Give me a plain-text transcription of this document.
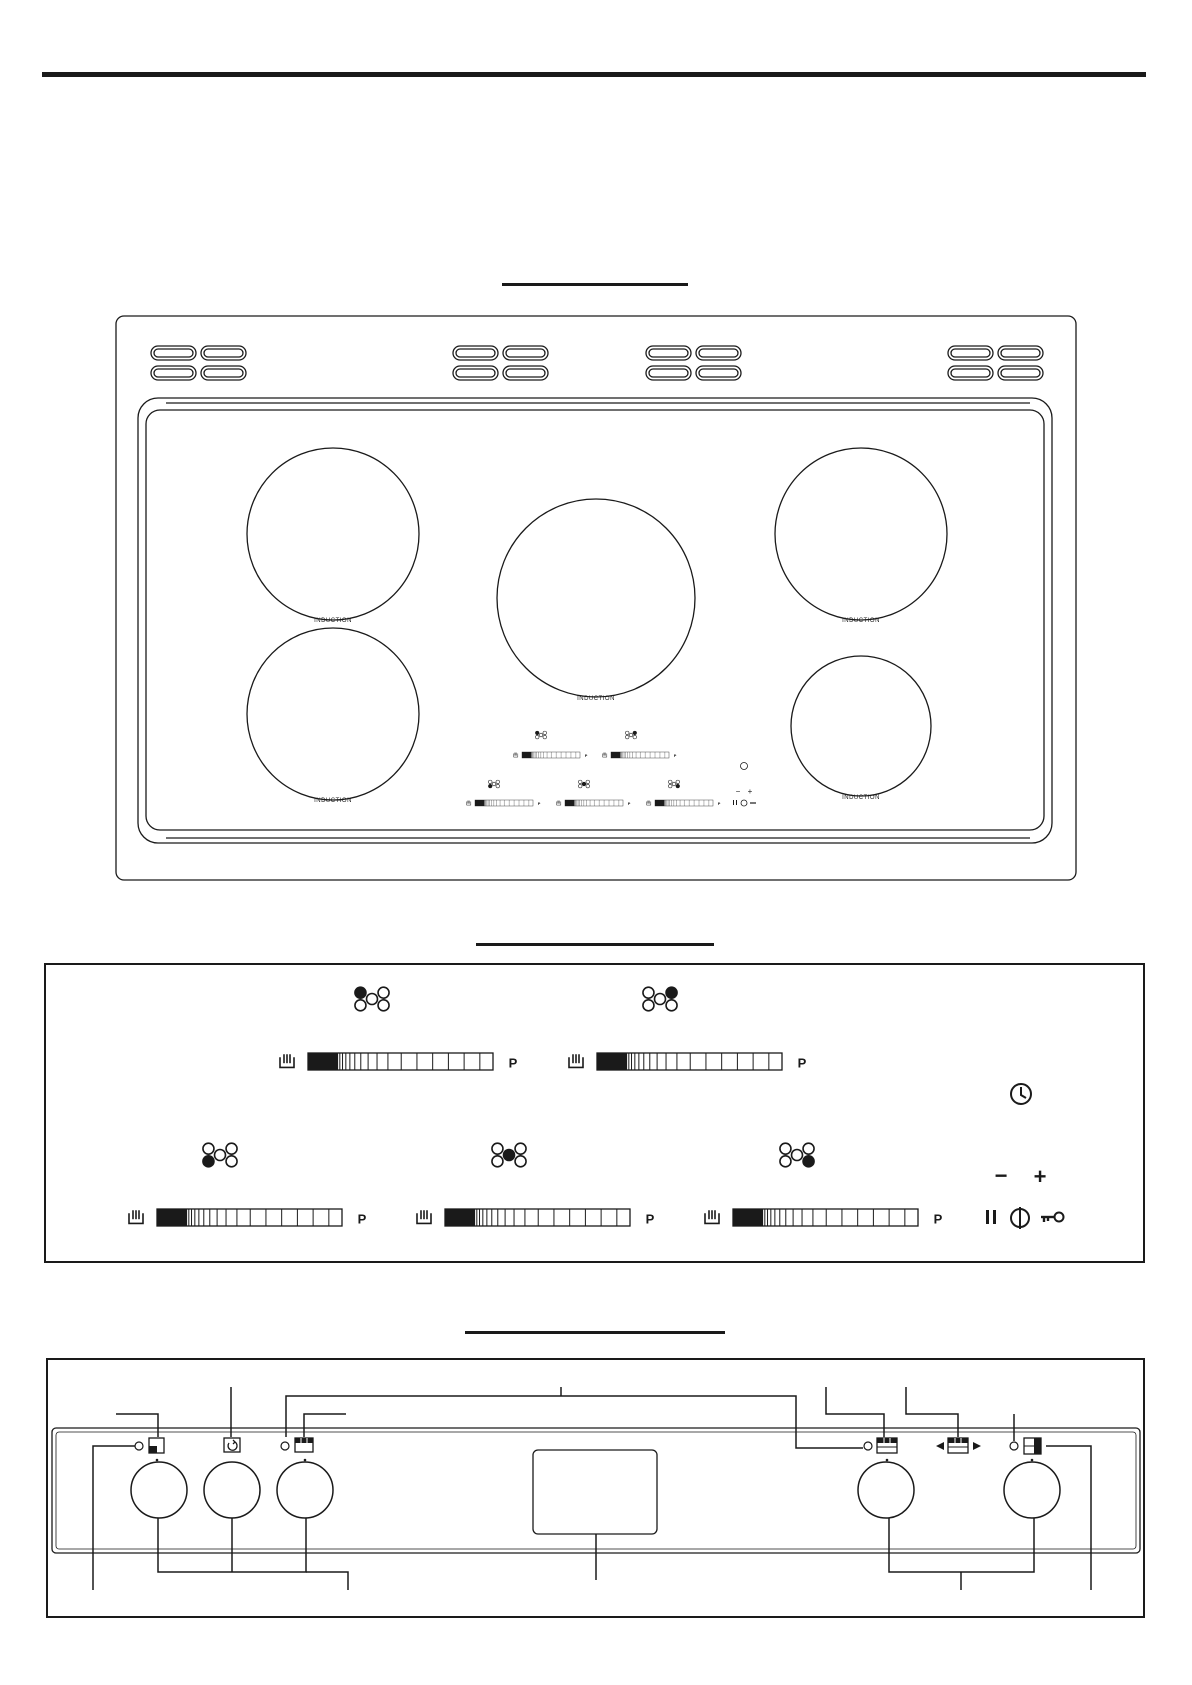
INDUCTION
INDUCTION
INDUCTION
INDUCTION
INDUCTION
P	P
P	P	P
− +
P	P
P	P	P
− +
